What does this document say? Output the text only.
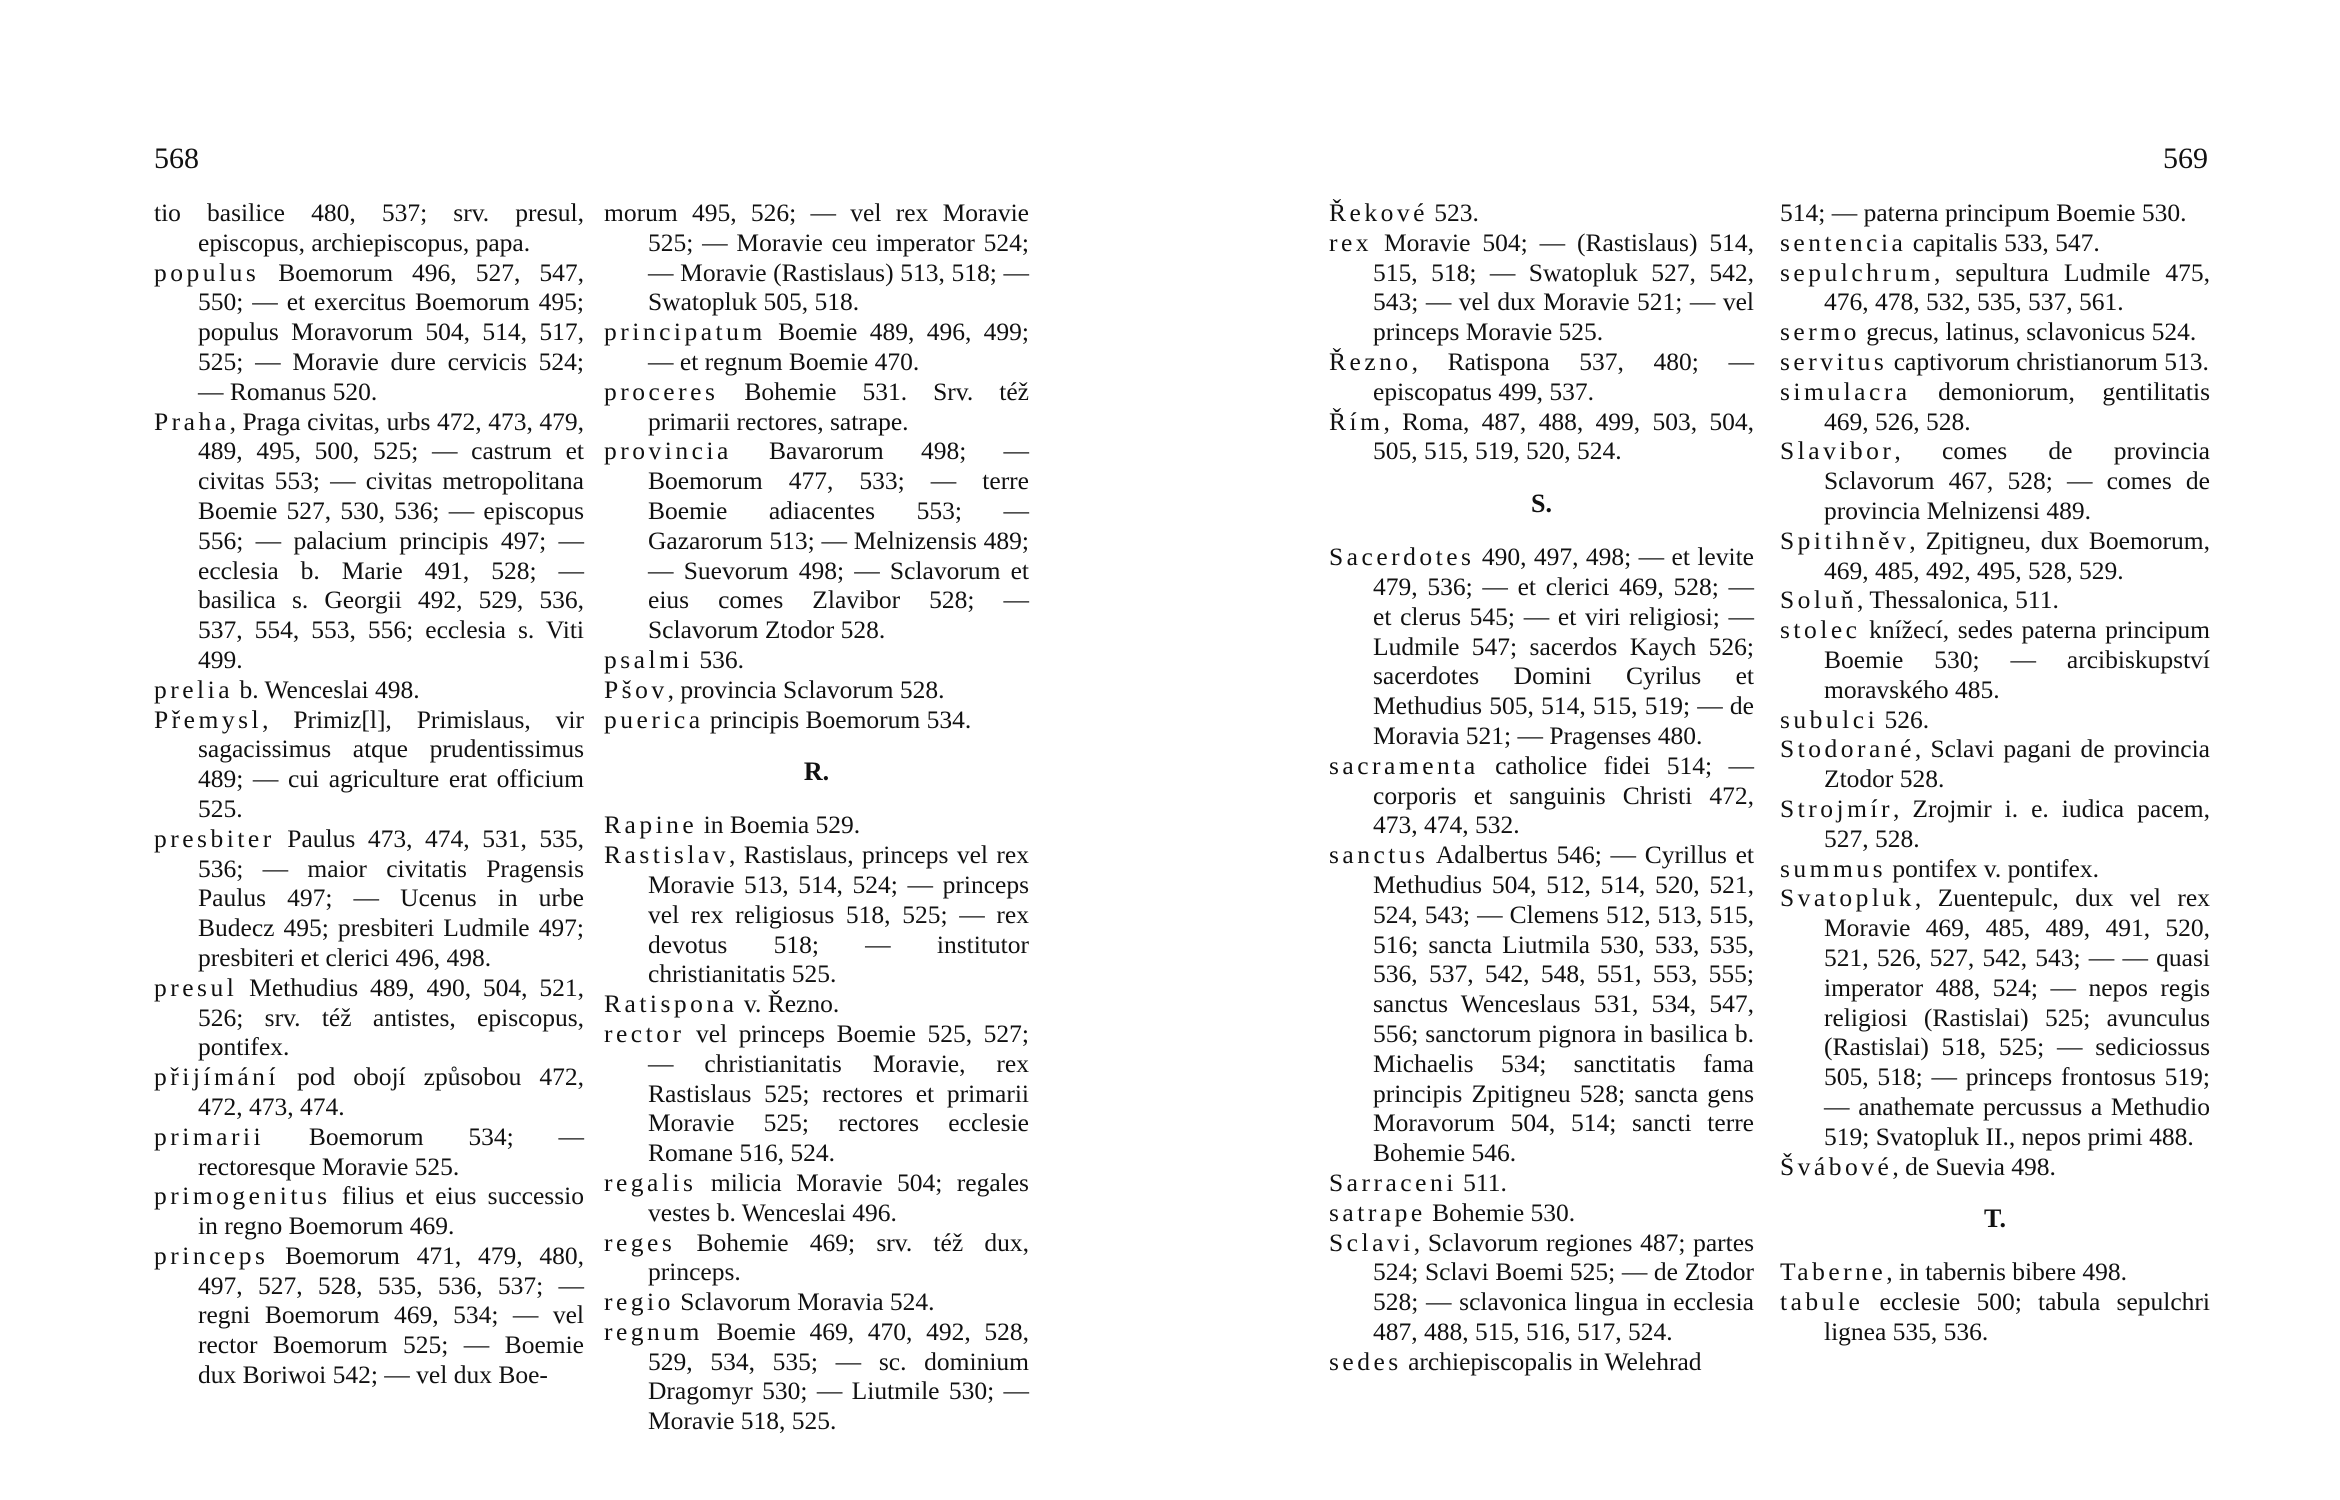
568	569

tio basilice 480, 537; srv. presul, episcopus, archiepiscopus, papa.

populus Boemorum 496, 527, 547, 550; — et exercitus Boemorum 495; populus Moravorum 504, 514, 517, 525; — Moravie dure cervicis 524; — Romanus 520.

Praha, Praga civitas, urbs 472, 473, 479, 489, 495, 500, 525; — castrum et civitas 553; — civitas metropolitana Boemie 527, 530, 536; — episcopus 556; — palacium principis 497; — ecclesia b. Marie 491, 528; — basilica s. Georgii 492, 529, 536, 537, 554, 553, 556; ecclesia s. Viti 499.

prelia b. Wenceslai 498.

Přemysl, Primiz[l], Primislaus, vir sagacissimus atque prudentissimus 489; — cui agriculture erat officium 525.

presbiter Paulus 473, 474, 531, 535, 536; — maior civitatis Pragensis Paulus 497; — Ucenus in urbe Budecz 495; presbiteri Ludmile 497; presbiteri et clerici 496, 498.

presul Methudius 489, 490, 504, 521, 526; srv. též antistes, episcopus, pontifex.

přijímání pod obojí způsobou 472, 472, 473, 474.

primarii Boemorum 534; — rectoresque Moravie 525.

primogenitus filius et eius successio in regno Boemorum 469.

princeps Boemorum 471, 479, 480, 497, 527, 528, 535, 536, 537; — regni Boemorum 469, 534; — vel rector Boemorum 525; — Boemie dux Boriwoi 542; — vel dux Boe-

morum 495, 526; — vel rex Moravie 525; — Moravie ceu imperator 524; — Moravie (Rastislaus) 513, 518; — Swatopluk 505, 518.

principatum Boemie 489, 496, 499; — et regnum Boemie 470.

proceres Bohemie 531. Srv. též primarii rectores, satrape.

provincia Bavarorum 498; — Boemorum 477, 533; — terre Boemie adiacentes 553; — Gazarorum 513; — Melnizensis 489; — Suevorum 498; — Sclavorum et eius comes Zlavibor 528; — Sclavorum Ztodor 528.

psalmi 536.

Pšov, provincia Sclavorum 528.

puerica principis Boemorum 534.

R.

Rapine in Boemia 529.

Rastislav, Rastislaus, princeps vel rex Moravie 513, 514, 524; — princeps vel rex religiosus 518, 525; — rex devotus 518; — institutor christianitatis 525.

Ratispona v. Řezno.

rector vel princeps Boemie 525, 527; — christianitatis Moravie, rex Rastislaus 525; rectores et primarii Moravie 525; rectores ecclesie Romane 516, 524.

regalis milicia Moravie 504; regales vestes b. Wenceslai 496.

reges Bohemie 469; srv. též dux, princeps.

regio Sclavorum Moravia 524.

regnum Boemie 469, 470, 492, 528, 529, 534, 535; — sc. dominium Dragomyr 530; — Liutmile 530; — Moravie 518, 525.

Řekové 523.

rex Moravie 504; — (Rastislaus) 514, 515, 518; — Swatopluk 527, 542, 543; — vel dux Moravie 521; — vel princeps Moravie 525.

Řezno, Ratispona 537, 480; — episcopatus 499, 537.

Řím, Roma, 487, 488, 499, 503, 504, 505, 515, 519, 520, 524.

S.

Sacerdotes 490, 497, 498; — et levite 479, 536; — et clerici 469, 528; — et clerus 545; — et viri religiosi; — Ludmile 547; sacerdos Kaych 526; sacerdotes Domini Cyrilus et Methudius 505, 514, 515, 519; — de Moravia 521; — Pragenses 480.

sacramenta catholice fidei 514; — corporis et sanguinis Christi 472, 473, 474, 532.

sanctus Adalbertus 546; — Cyrillus et Methudius 504, 512, 514, 520, 521, 524, 543; — Clemens 512, 513, 515, 516; sancta Liutmila 530, 533, 535, 536, 537, 542, 548, 551, 553, 555; sanctus Wenceslaus 531, 534, 547, 556; sanctorum pignora in basilica b. Michaelis 534; sanctitatis fama principis Zpitigneu 528; sancta gens Moravorum 504, 514; sancti terre Bohemie 546.

Sarraceni 511.

satrape Bohemie 530.

Sclavi, Sclavorum regiones 487; partes 524; Sclavi Boemi 525; — de Ztodor 528; — sclavonica lingua in ecclesia 487, 488, 515, 516, 517, 524.

sedes archiepiscopalis in Welehrad

514; — paterna principum Boemie 530.

sentencia capitalis 533, 547.

sepulchrum, sepultura Ludmile 475, 476, 478, 532, 535, 537, 561.

sermo grecus, latinus, sclavonicus 524.

servitus captivorum christianorum 513.

simulacra demoniorum, gentilitatis 469, 526, 528.

Slavibor, comes de provincia Sclavorum 467, 528; — comes de provincia Melnizensi 489.

Spitihněv, Zpitigneu, dux Boemorum, 469, 485, 492, 495, 528, 529.

Soluň, Thessalonica, 511.

stolec knížecí, sedes paterna principum Boemie 530; — arcibiskupství moravského 485.

subulci 526.

Stodorané, Sclavi pagani de provincia Ztodor 528.

Strojmír, Zrojmir i. e. iudica pacem, 527, 528.

summus pontifex v. pontifex.

Svatopluk, Zuentepulc, dux vel rex Moravie 469, 485, 489, 491, 520, 521, 526, 527, 542, 543; — — quasi imperator 488, 524; — nepos regis religiosi (Rastislai) 525; avunculus (Rastislai) 518, 525; — sediciossus 505, 518; — princeps frontosus 519; — anathemate percussus a Methudio 519; Svatopluk II., nepos primi 488.

Švábové, de Suevia 498.

T.

Taberne, in tabernis bibere 498.

tabule ecclesie 500; tabula sepulchri lignea 535, 536.
